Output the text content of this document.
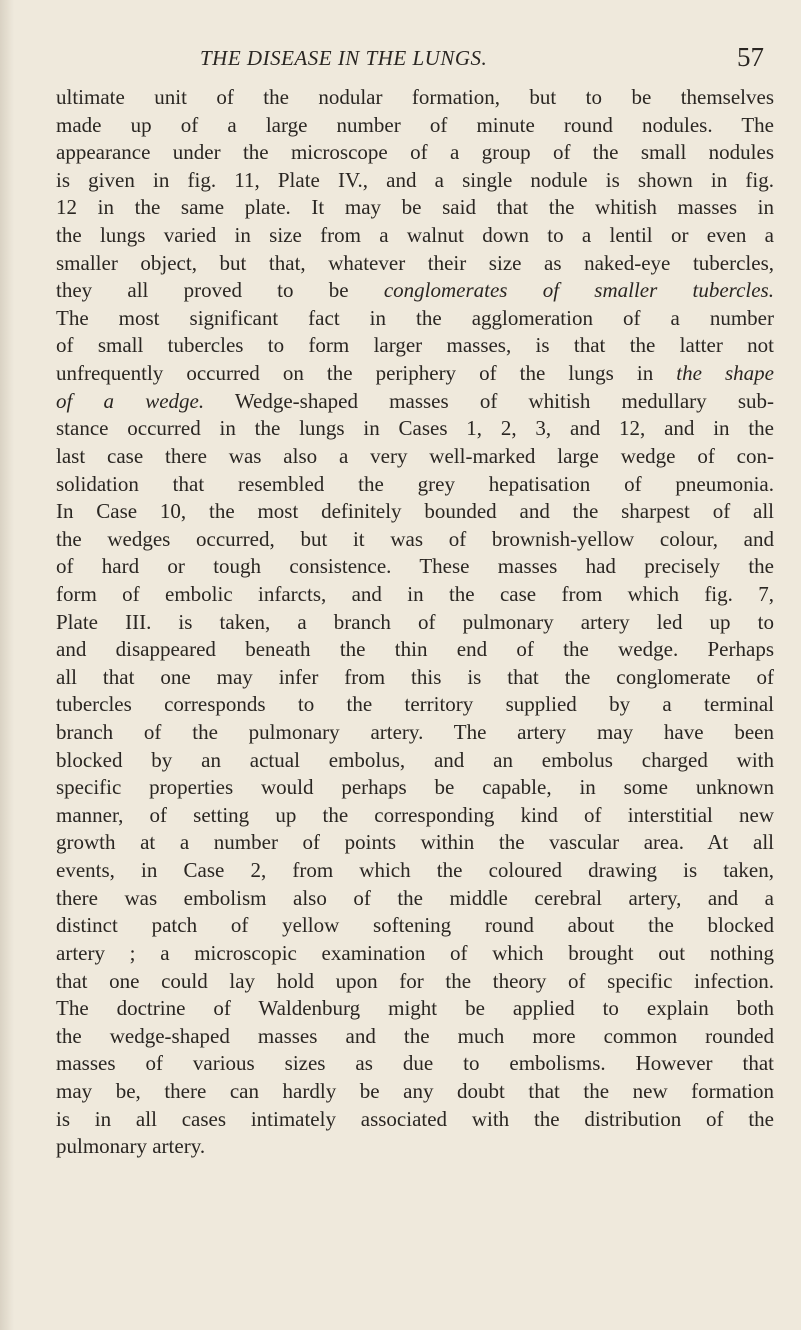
THE DISEASE IN THE LUNGS.	57
ultimate unit of the nodular formation, but to be themselves
made up of a large number of minute round nodules. The
appearance under the microscope of a group of the small nodules
is given in fig. 11, Plate IV., and a single nodule is shown in fig.
12 in the same plate. It may be said that the whitish masses in
the lungs varied in size from a walnut down to a lentil or even a
smaller object, but that, whatever their size as naked-eye tubercles,
they all proved to be conglomerates of smaller tubercles.
The most significant fact in the agglomeration of a number
of small tubercles to form larger masses, is that the latter not
unfrequently occurred on the periphery of the lungs in the shape
of a wedge. Wedge-shaped masses of whitish medullary sub-
stance occurred in the lungs in Cases 1, 2, 3, and 12, and in the
last case there was also a very well-marked large wedge of con-
solidation that resembled the grey hepatisation of pneumonia.
In Case 10, the most definitely bounded and the sharpest of all
the wedges occurred, but it was of brownish-yellow colour, and
of hard or tough consistence. These masses had precisely the
form of embolic infarcts, and in the case from which fig. 7,
Plate III. is taken, a branch of pulmonary artery led up to
and disappeared beneath the thin end of the wedge. Perhaps
all that one may infer from this is that the conglomerate of
tubercles corresponds to the territory supplied by a terminal
branch of the pulmonary artery. The artery may have been
blocked by an actual embolus, and an embolus charged with
specific properties would perhaps be capable, in some unknown
manner, of setting up the corresponding kind of interstitial new
growth at a number of points within the vascular area. At all
events, in Case 2, from which the coloured drawing is taken,
there was embolism also of the middle cerebral artery, and a
distinct patch of yellow softening round about the blocked
artery ; a microscopic examination of which brought out nothing
that one could lay hold upon for the theory of specific infection.
The doctrine of Waldenburg might be applied to explain both
the wedge-shaped masses and the much more common rounded
masses of various sizes as due to embolisms. However that
may be, there can hardly be any doubt that the new formation
is in all cases intimately associated with the distribution of the
pulmonary artery.
